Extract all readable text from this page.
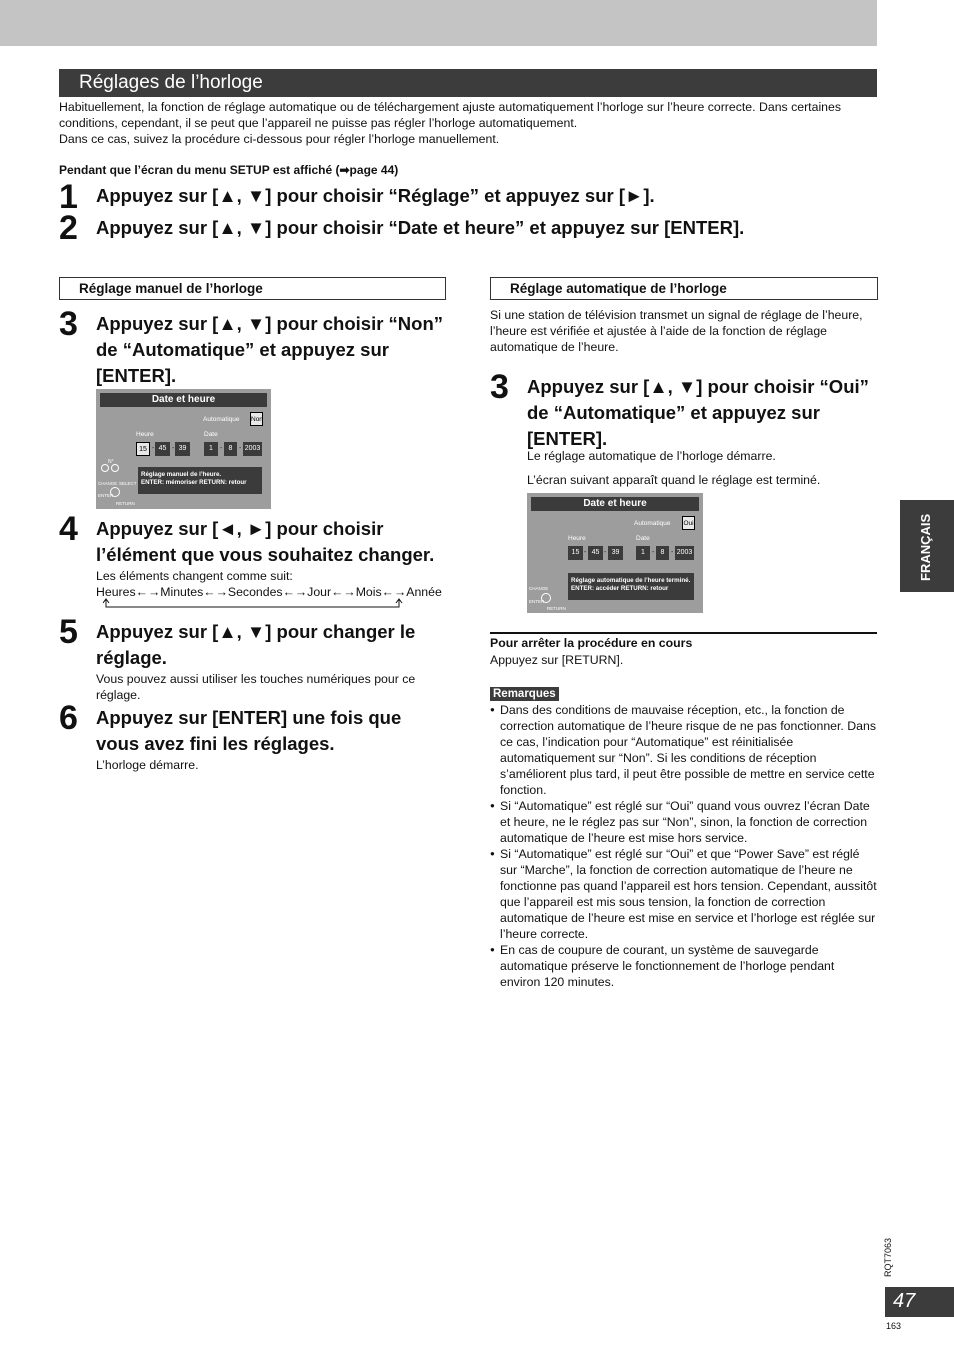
Réglages de l’horloge

Habituellement, la fonction de réglage automatique ou de téléchargement ajuste automatiquement l’horloge sur l’heure correcte. Dans certaines conditions, cependant, il se peut que l’appareil ne puisse pas régler l’horloge automatiquement.

Dans ce cas, suivez la procédure ci-dessous pour régler l’horloge manuellement.

Pendant que l’écran du menu SETUP est affiché (➡page 44)
1 Appuyez sur [▲, ▼] pour choisir “Réglage” et appuyez sur [►].
2 Appuyez sur [▲, ▼] pour choisir “Date et heure” et appuyez sur [ENTER].
Réglage manuel de l’horloge
3 Appuyez sur [▲, ▼] pour choisir “Non” de “Automatique” et appuyez sur [ENTER].
Date et heure
Automatique Non
Heure	Date
15 - 45 - 39	1	- 8 - 2003
N°
Réglage manuel de l’heure.
ENTER: mémoriser RETURN: retour
CHANGE SELECT
ENTER
RETURN
4 Appuyez sur [◄, ►] pour choisir l’élément que vous souhaitez changer.
Les éléments changent comme suit:
Heures←→Minutes←→Secondes←→Jour←→Mois←→Année
5 Appuyez sur [▲, ▼] pour changer le réglage.
Vous pouvez aussi utiliser les touches numériques pour ce réglage.
6 Appuyez sur [ENTER] une fois que vous avez fini les réglages.
L’horloge démarre.
Réglage automatique de l’horloge
Si une station de télévision transmet un signal de réglage de l’heure, l’heure est vérifiée et ajustée à l’aide de la fonction de réglage automatique de l’heure.
3 Appuyez sur [▲, ▼] pour choisir “Oui” de “Automatique” et appuyez sur [ENTER].
Le réglage automatique de l’horloge démarre.
L’écran suivant apparaît quand le réglage est terminé.
Date et heure
Automatique Oui
Heure	Date
15 - 45 - 39	1	- 8 - 2003
Réglage automatique de l’heure terminé.
ENTER: accéder RETURN: retour
CHANGE
ENTER
RETURN
Pour arrêter la procédure en cours
Appuyez sur [RETURN].
Remarques
● Dans des conditions de mauvaise réception, etc., la fonction de correction automatique de l’heure risque de ne pas fonctionner. Dans ce cas, l’indication pour “Automatique” est réinitialisée automatiquement sur “Non”. Si les conditions de réception s’améliorent plus tard, il peut être possible de mettre en service cette fonction.
● Si “Automatique” est réglé sur “Oui” quand vous ouvrez l’écran Date et heure, ne le réglez pas sur “Non”, sinon, la fonction de correction automatique de l’heure est mise hors service.
● Si “Automatique” est réglé sur “Oui” et que “Power Save” est réglé sur “Marche”, la fonction de correction automatique de l’heure ne fonctionne pas quand l’appareil est hors tension. Cependant, aussitôt que l’appareil est mis sous tension, la fonction de correction automatique de l’heure est mise en service et l’horloge est réglée sur l’heure correcte.
● En cas de coupure de courant, un système de sauvegarde automatique préserve le fonctionnement de l’horloge pendant environ 120 minutes.
FRANÇAIS
RQT7063
47
163
